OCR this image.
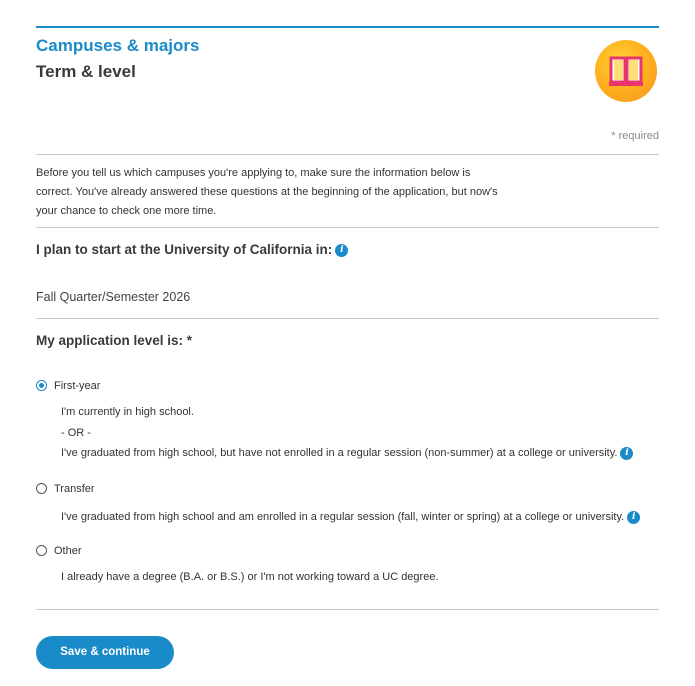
Campuses & majors
Term & level
* required
Before you tell us which campuses you're applying to, make sure the information below is
correct. You've already answered these questions at the beginning of the application, but now's
your chance to check one more time.
I plan to start at the University of California in: i
Fall Quarter/Semester 2026
My application level is: *
First-year
I'm currently in high school.
- OR -
I've graduated from high school, but have not enrolled in a regular session (non-summer) at a college or university. i
Transfer
I've graduated from high school and am enrolled in a regular session (fall, winter or spring) at a college or university. i
Other
I already have a degree (B.A. or B.S.) or I'm not working toward a UC degree.
Save & continue
